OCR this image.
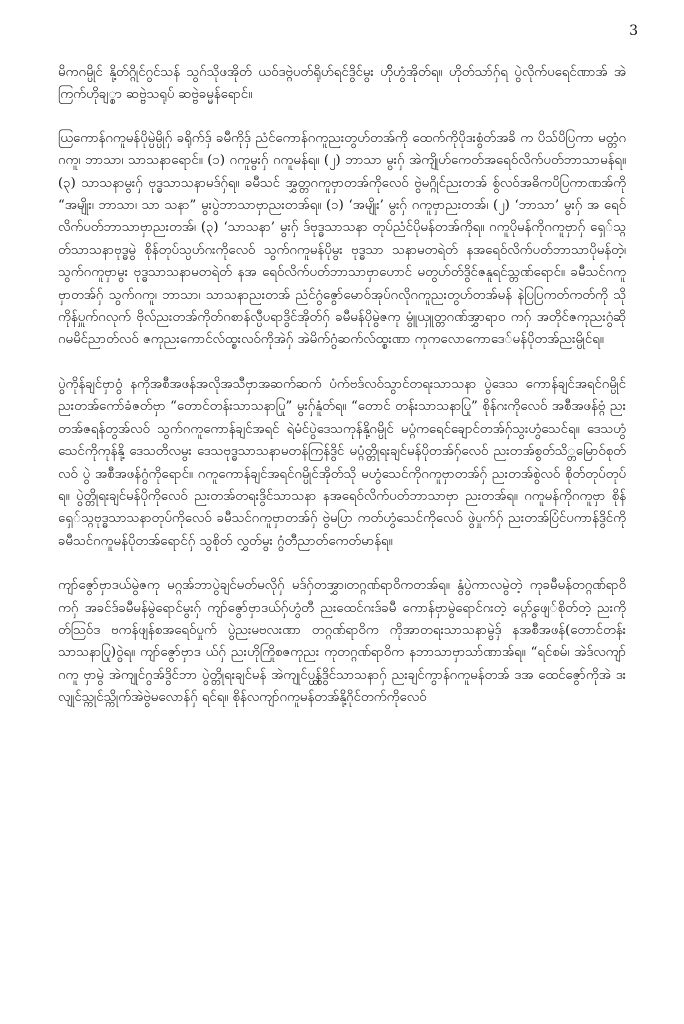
3

မိကဂမ္ပိုင် နို့တ်ဂ္ဂိုင်ဂွင်သန် သွဂ်သိုဖအိုတ် ယဝ်ဒဗ္ဂဲပတ်ရိုဟ်ရင်ဒွိင်မွး ဟ်ိုဟွံအိုတ်ရ။ ဟိုတ်သာ်ဂှ်ရ ပွဲလိုက်ပရေင်ဏာအ် အဲကြက်ဟိုချ္စာ ဆဗ္ဗဲသရုပ် ဆဗ္ဗဲခမ္မန်ရောင်။

ယြကောန်ဂကူမန်ပိုမ္ပဲမ္ပိုဂှ် ခရိုက်ဒှ် ခမီကိုဒှ် ညံင်ကောန်ဂကူညးတွဟ်တအ်ကို ထေက်ကိုပိုဒးစွံတ်အခိ က ပိသ်ပိပြကာ မတ္တံဂဂကူ၊ ဘာသာ၊ သာသနာရောင်။ (၁) ဂကူမွးဂှ် ဂကူမန်ရ။ (၂) ဘာသာ မွးဂှ် အဲကျိုဟ်ကေတ်အရေဝ်လိက်ပတ်ဘာသာမန်ရ။ (၃) သာသနာမွးဂှ် ဗုဒ္ဓသာသနာမဒ်ဂှ်ရ။ ခမီသင် အွှတ္တဂကူဗှာတအ်ကိုလေဝ် ဗွဲမဂ္ဂိုင်ညးတအ် စွ်လဝ်အဓိကပိပြကာဏအ်ကို “အမျိုး၊ ဘာသာ၊ သာ သနာ” မွးပွဲဘာသာဗှာညးတအ်ရ။ (၁) ‘အမျိုး’ မွးဂှ် ဂကူဗှာညးတအ်၊ (၂) ‘ဘာသာ’ မွးဂှ် အ ရေဝ်လိက်ပတ်ဘာသာဗှာညးတအ်၊ (၃) ‘သာသနာ’ မွးဂှ် ဒ်ဗုဒ္ဓသာသနာ တုပ်ညံင်ပိုမန်တအ်ကိုရ။ ဂကူပိုမန်ကိုဂကူဗှာဂှ် ရှေ်သ္ဂတ်သာသနာဗုဒ္ဓမွဲ စိုန်တုပ်သ္ပဟ်ဂးကိုလေဝ် သွက်ဂကူမန်ပိုမွး ဗုဒ္ဓသာ သနာမတရဲတ် နအရေဝ်လိက်ပတ်ဘာသာပိုမန်တဲ့၊ သွက်ဂကူဗှာမွး ဗုဒ္ဓသာသနာမတရဲတ် နအ ရေဝ်လိက်ပတ်ဘာသာဗှာဟောင် မတွဟ်တ်ဒွိင်ဇနူရင်သ္တဏ်ရောင်။ ခမီသင်ဂကူဗှာတအ်ဂှ် သွက်ဂကူ၊ ဘာသာ၊ သာသနာညးတအ် ညံင်ဂွံဇွော်မောဝ်အုပ်ဂလိုဂကူညးတွဟ်တအ်မန် နဲပြပြကတ်ကတ်ကို သိုကိုန်ပှူက်ဂလုက် ဗိုလ်ညးတအ်ကိုတ်ဂစာန်လ္ပီပရာဒွိင်အိုတ်ဂှ် ခမီမန်ပိုမွဲဇကု မွူံယှူတ္တဂဏ်အွှာရာဝ ကဂှ် အတိုင်ဇကုညးဂွံဆိုဂမမိင်ညာတ်လဝ် ဇကုညးကောင်လ်ထ္စးလဝ်ကိုအဲဂှ် အဲမိက်ဂွံဆက်လ်ထ္စးဏာ ကုကလောကောဒေ်မန်ပိုတအ်ညးမ္ပိုင်ရ။

ပွဲကိုန်ချင်ဗှာဝွံ နကိုအစီအဖန်အလိုအသီဗှာအဆက်ဆက် ပံက်ဗဒ်လဝ်သွာင်တရးသာသနာ ပွဲဒေသ ကောန်ချင်အရင်ဂမ္ပိုင် ညးတအ်ကော်ခံဇတ်ဗှာ “တောင်တန်းသာသနာပြု” မွးဂှ်နူံတ်ရ။ “တောင် တန်းသာသနာပြု” စိုန်ဂးကိုလေဝ် အစီအဖန်ဗ္ဂံ ညးတအ်ဇရန်တွအ်လဝ် သွက်ဂကူကောန်ချင်အရင် ရဲမံင်ပွဲဒေသကုန်နို့ဂမ္ပိုင် မပ္ဂံကရေင်ချောင်တအ်ဂှ်သွးဟွံသေင်ရ။ ဒေသဟွံသေင်ကိုကုန်နို့ ဒေသတိလမွး ဒေသဗုဒ္ဓသာသနာမတန်ကြန်ဒွိင် မပ္ဂံတ္တိုရးချင်မန်ပိုတအ်ဂှ်လေဝ် ညးတအ်စွတ်သိ္တမြောဝ်စုတ်လဝ် ပွဲ အစီအဖန်ဂွံကိုရောင်။ ဂကူကောန်ချင်အရင်ဂမ္ပိုင်အိုတ်သို မဟွံသေင်ကိုဂကူဗှာတအ်ဂှ် ညးတအ်စွဲလဝ် စိုတ်တုပ်တုပ်ရ။ ပွဲတ္တိုရးချင်မန်ပိုကိုလေဝ် ညးတအ်တရးဒွိင်သာသနာ နအရေဝ်လိက်ပတ်ဘာသာဗှာ ညးတအ်ရ။ ဂကူမန်ကိုဂကူဗှာ စိုန်ရှေ်သ္ဂဗုဒ္ဓသာသနာတုပ်ကိုလေဝ် ခမီသင်ဂကူဗှာတအ်ဂှ် ဗွဲမပြာ ကတ်ဟွံသေင်ကိုလေဝ် ဖွဲပှုက်ဂှ် ညးတအ်ပြံင်ပကာန်ဒွိင်ကိုခမီသင်ဂကူမန်ပိုတအ်ရောင်ဂှ် သွစိုတ် လွှတ်မွး ဂွံတီညာတ်ကေတ်မာန်ရ။

ကျာ်ဇွော်ဗှာဒယ်မွဲဇကု မဂ္ဂအ်ဘာပွဲချင်မတ်မလိုဂှ် မဒ်ဂှ်တအွှာ၊တဂ္ဂဏ်ရာဝိကတအ်ရ။ နွံပွဲကာလမွဲတဲ့ ကုခမီမန်တဂ္ဂဏ်ရာဝိကဂှ် အခင်ဒ်ခမီမန်မွဲရောင်မွးဂှ် ကျာ်ဇွော်ဗှာဒယ်ဂှ်ဟွံတီ ညးထေင်ဂးဒ်ခမီ ကောန်ဗှာမွဲရောင်ဂးတဲ့ ပ္ဂွော်ဖျေ်စိုတ်တဲ့ ညးကိုတ်သြဝ်ဒ ဗကန်ဖျန်စအရေဝ်ပှုက် ပွဲညးမဗလးဏာ တဂ္ဂဏ်ရာဝိက ကိုအာတရးသာသနာမွဲဒှ် နအစီအဖန်(တောင်တန်းသာသနာပြု)ဝွဲရ။ ကျာ်ဇွော်ဗှာဒ ယ်ဂှ် ညးဟိုကြိုစဇကုညး ကုတဂ္ဂဏ်ရာဝိက နဘာသာဗှာသာ်ဏာအ်ရ။ “ရင်စမ်၊ အဲဒ်လကျာ်ဂကူ ဗှာမွဲ အဲကျုင်ဂွအ်ဒွိင်ဘာ ပွဲတ္တိုရးချင်မန် အဲကျုင်ပ္ပ္တန်ဒွိင်သာသနာဂှ် ညးချင်ကွာန်ဂကူမန်တအ် ဒအ ထေင်ဇွော်ကိုအဲ ဒးလျုင်သ္ကုင်သ္ကိုက်အဲဗွဲမလောန်ဂှ် ရင်ရ။ စိုန်လကျာ်ဂကူမန်တအ်နို့ဂိုင်တက်ကိုလေဝ်
